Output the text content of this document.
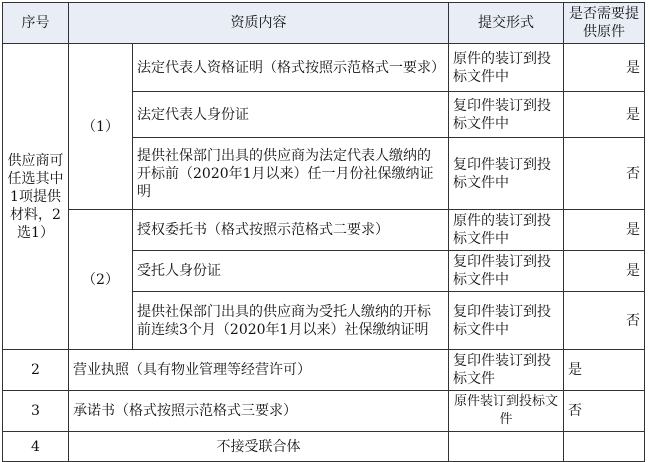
序号	资质内容		提交形式	是否需要提供原件
供应商可任选其中1项提供材料，2选1）	（1）	法定代表人资格证明（格式按照示范格式一要求）	原件的装订到投标文件中	是
		法定代表人身份证	复印件装订到投标文件中	是
		提供社保部门出具的供应商为法定代表人缴纳的开标前（2020年1月以来）任一月份社保缴纳证明	复印件装订到投标文件中	否
	（2）	授权委托书（格式按照示范格式二要求）	原件的装订到投标文件中	是
		受托人身份证	复印件装订到投标文件中	是
		提供社保部门出具的供应商为受托人缴纳的开标前连续3个月（2020年1月以来）社保缴纳证明	复印件装订到投标文件中	否
2	营业执照（具有物业管理等经营许可）		复印件装订到投标文件	是
3	承诺书（格式按照示范格式三要求）		原件装订到投标文件	否
4	不接受联合体			
